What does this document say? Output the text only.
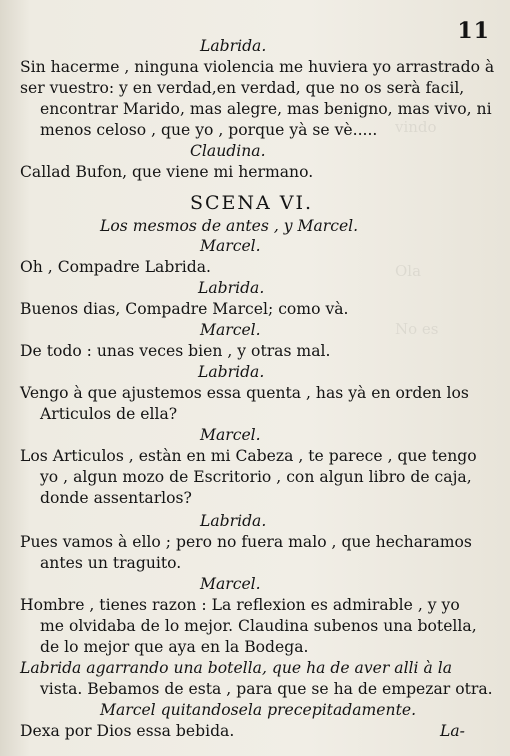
vindo
Ola
No es
11
Labrida.
Sin hacerme , ninguna violencia me huviera yo arrastrado à
ser vuestro: y en verdad,en verdad, que no os serà facil,
encontrar Marido, mas alegre, mas benigno, mas vivo, ni
menos celoso , que yo , porque yà se vè.....
Claudina.
Callad Bufon, que viene mi hermano.
SCENA VI.
Los mesmos de antes , y Marcel.
Marcel.
Oh , Compadre Labrida.
Labrida.
Buenos dias, Compadre Marcel; como và.
Marcel.
De todo : unas veces bien , y otras mal.
Labrida.
Vengo à que ajustemos essa quenta , has yà en orden los
Articulos de ella?
Marcel.
Los Articulos , estàn en mi Cabeza , te parece , que tengo
yo , algun mozo de Escritorio , con algun libro de caja,
donde assentarlos?
Labrida.
Pues vamos à ello ; pero no fuera malo , que hecharamos
antes un traguito.
Marcel.
Hombre , tienes razon : La reflexion es admirable , y yo
me olvidaba de lo mejor. Claudina subenos una botella,
de lo mejor que aya en la Bodega.
Labrida agarrando una botella, que ha de aver alli à la
vista. Bebamos de esta , para que se ha de empezar otra.
Marcel quitandosela precepitadamente.
Dexa por Dios essa bebida.	La-
